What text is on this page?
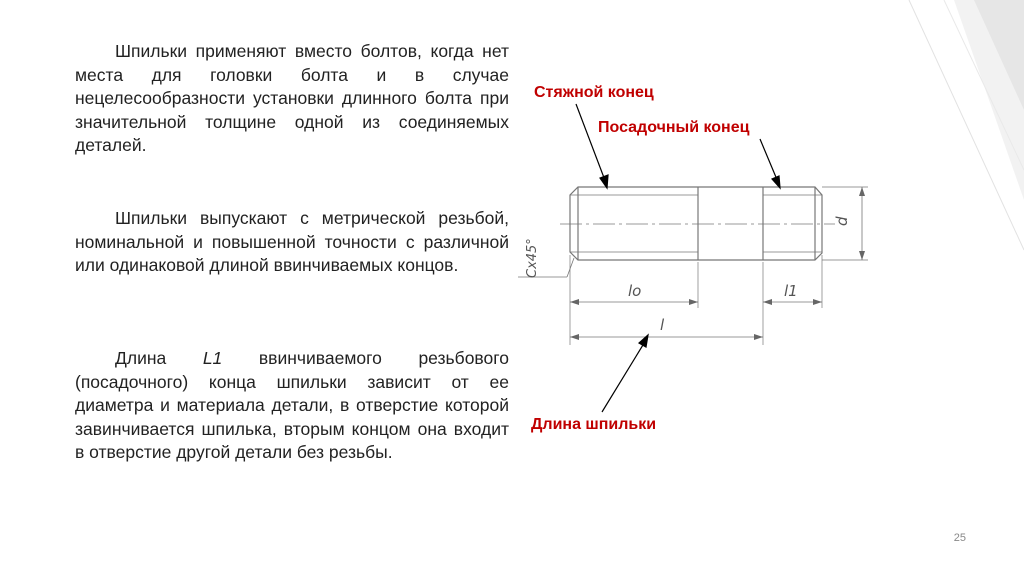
Шпильки применяют вместо болтов, когда нет места для головки болта и в случае нецелесообразности установки длинного болта при значительной толщине одной из соединяемых деталей.

Шпильки выпускают с метрической резьбой, номинальной и повышенной точности с различной или одинаковой длиной ввинчиваемых концов.

Длина L1 ввинчиваемого резьбового (посадочного) конца шпильки зависит от ее диаметра и материала детали, в отверстие которой завинчивается шпилька, вторым концом она входит в отверстие другой детали без резьбы.

d
lo	l1
l
Cx45°
Стяжной конец
Посадочный конец
Длина шпильки
25
